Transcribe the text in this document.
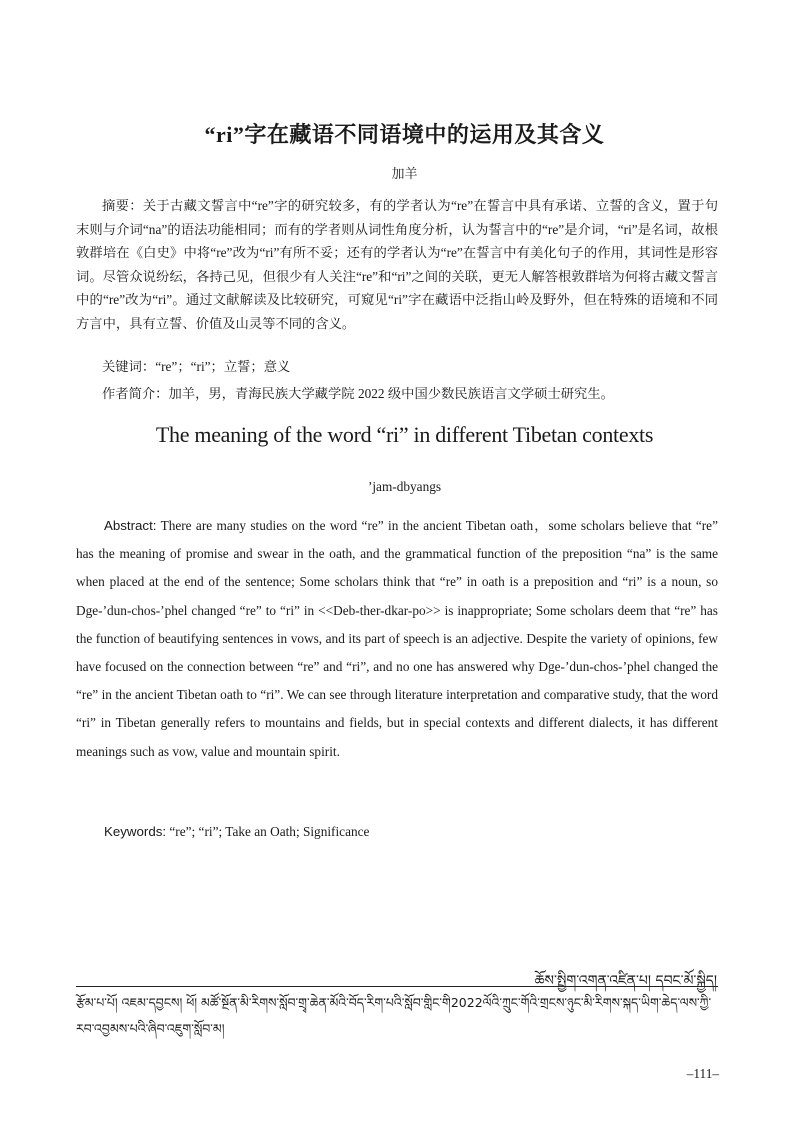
“ri”字在藏语不同语境中的运用及其含义
加羊
摘要：关于古藏文誓言中“re”字的研究较多，有的学者认为“re”在誓言中具有承诺、立誓的含义，置于句末则与介词“na”的语法功能相同；而有的学者则从词性角度分析，认为誓言中的“re”是介词，“ri”是名词，故根敦群培在《白史》中将“re”改为“ri”有所不妥；还有的学者认为“re”在誓言中有美化句子的作用，其词性是形容词。尽管众说纷纭，各持己见，但很少有人关注“re”和“ri”之间的关联，更无人解答根敦群培为何将古藏文誓言中的“re”改为“ri”。通过文献解读及比较研究，可窥见“ri”字在藏语中泛指山岭及野外，但在特殊的语境和不同方言中，具有立誓、价值及山灵等不同的含义。
关键词：“re”；“ri”；立誓；意义
作者简介：加羊，男，青海民族大学藏学院 2022 级中国少数民族语言文学硕士研究生。
The meaning of the word “ri” in different Tibetan contexts
’jam-dbyangs
Abstract: There are many studies on the word “re” in the ancient Tibetan oath，some scholars believe that “re” has the meaning of promise and swear in the oath, and the grammatical function of the preposition “na” is the same when placed at the end of the sentence; Some scholars think that “re” in oath is a preposition and “ri” is a noun, so Dge-’dun-chos-’phel changed “re” to “ri” in <<Deb-ther-dkar-po>> is inappropriate; Some scholars deem that “re” has the function of beautifying sentences in vows, and its part of speech is an adjective. Despite the variety of opinions, few have focused on the connection between “re” and “ri”, and no one has answered why Dge-’dun-chos-’phel changed the “re” in the ancient Tibetan oath to “ri”. We can see through literature interpretation and comparative study, that the word “ri” in Tibetan generally refers to mountains and fields, but in special contexts and different dialects, it has different meanings such as vow, value and mountain spirit.
Keywords: “re”; “ri”; Take an Oath; Significance
ཆོས་སྤྱིག་འགན་འཛིན་པ། དབང་མོ་སྐྱིད།
རྩོམ་པ་པོ། འཇམ་དབྱངས། ཕོ། མཚོ་སྔོན་མི་རིགས་སློབ་གྲྭ་ཆེན་མོའི་བོད་རིག་པའི་སློབ་གླིང་གི2022ལོའི་ཀྲུང་གོའི་གྲངས་ཉུང་མི་རིགས་སྐད་ཡིག་ཆེད་ལས་ཀྱི་རབ་འབྱམས་པའི་ཞིབ་འཇུག་སློབ་མ།
–111–
